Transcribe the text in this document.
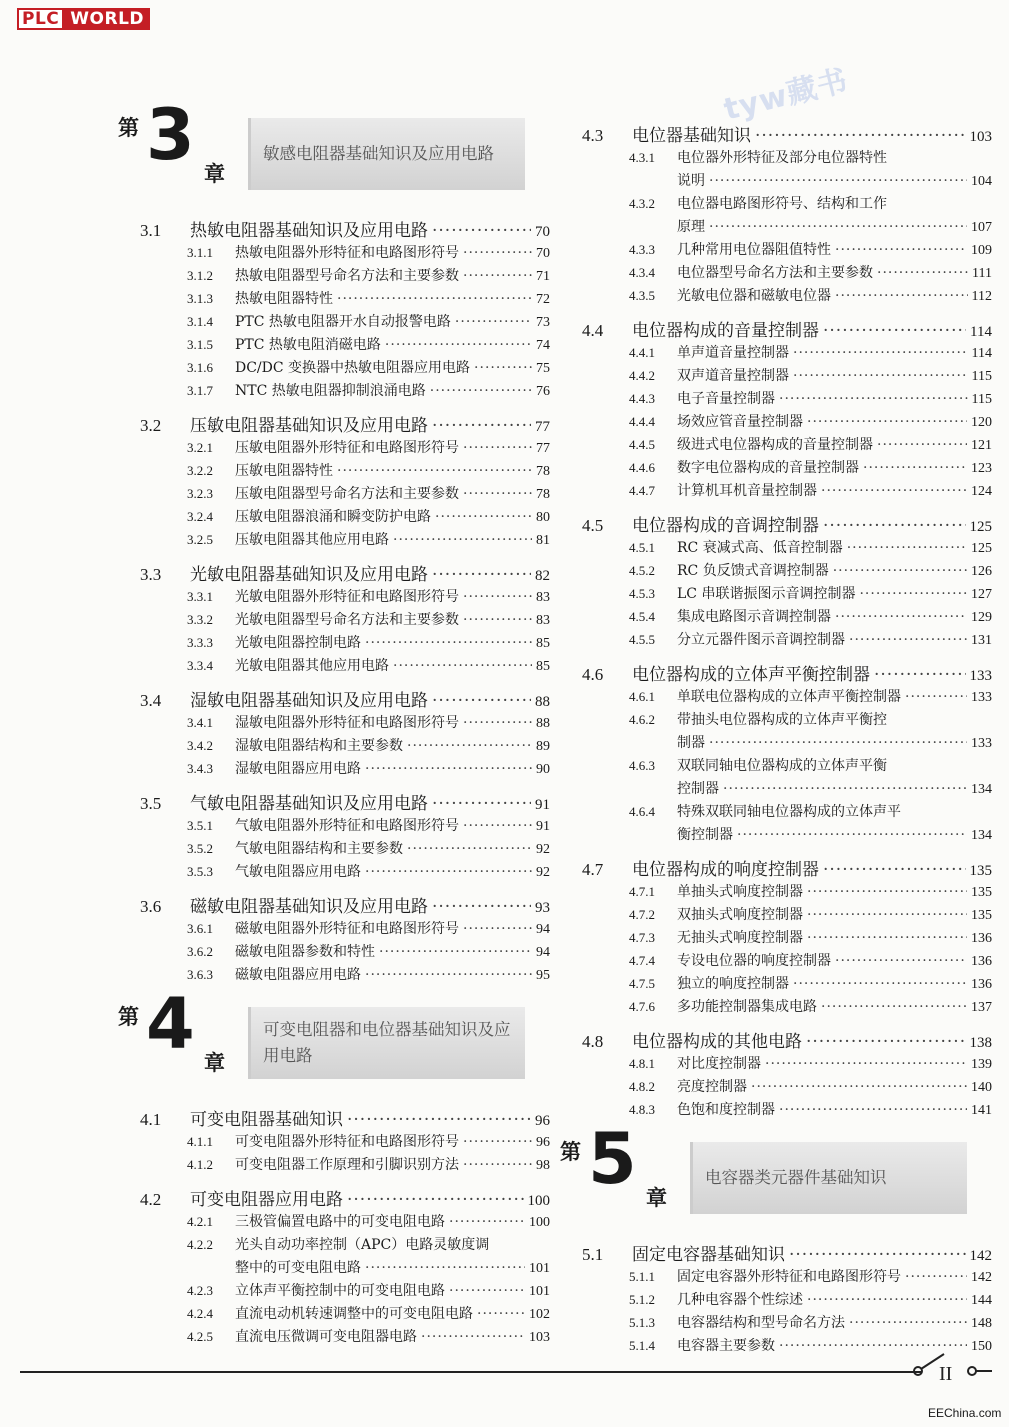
PLC WORLD
tyw藏书
第 3 章
敏感电阻器基础知识及应用电路
3.1	热敏电阻器基础知识及应用电路 ·····	70
3.1.1	热敏电阻器外形特征和电路图形符号 ·····	70
3.1.2	热敏电阻器型号命名方法和主要参数 ·····	71
3.1.3	热敏电阻器特性 ·····	72
3.1.4	PTC 热敏电阻器开水自动报警电路 ·····	73
3.1.5	PTC 热敏电阻消磁电路 ·····	74
3.1.6	DC/DC 变换器中热敏电阻器应用电路 ·····	75
3.1.7	NTC 热敏电阻器抑制浪涌电路 ·····	76
3.2	压敏电阻器基础知识及应用电路 ·····	77
3.2.1	压敏电阻器外形特征和电路图形符号 ·····	77
3.2.2	压敏电阻器特性 ·····	78
3.2.3	压敏电阻器型号命名方法和主要参数 ·····	78
3.2.4	压敏电阻器浪涌和瞬变防护电路 ·····	80
3.2.5	压敏电阻器其他应用电路 ·····	81
3.3	光敏电阻器基础知识及应用电路 ·····	82
3.3.1	光敏电阻器外形特征和电路图形符号 ·····	83
3.3.2	光敏电阻器型号命名方法和主要参数 ·····	83
3.3.3	光敏电阻器控制电路 ·····	85
3.3.4	光敏电阻器其他应用电路 ·····	85
3.4	湿敏电阻器基础知识及应用电路 ·····	88
3.4.1	湿敏电阻器外形特征和电路图形符号 ·····	88
3.4.2	湿敏电阻器结构和主要参数 ·····	89
3.4.3	湿敏电阻器应用电路 ·····	90
3.5	气敏电阻器基础知识及应用电路 ·····	91
3.5.1	气敏电阻器外形特征和电路图形符号 ·····	91
3.5.2	气敏电阻器结构和主要参数 ·····	92
3.5.3	气敏电阻器应用电路 ·····	92
3.6	磁敏电阻器基础知识及应用电路 ·····	93
3.6.1	磁敏电阻器外形特征和电路图形符号 ·····	94
3.6.2	磁敏电阻器参数和特性 ·····	94
3.6.3	磁敏电阻器应用电路 ·····	95
第 4 章
可变电阻器和电位器基础知识及应用电路
4.1	可变电阻器基础知识 ·····	96
4.1.1	可变电阻器外形特征和电路图形符号 ·····	96
4.1.2	可变电阻器工作原理和引脚识别方法 ·····	98
4.2	可变电阻器应用电路 ·····	100
4.2.1	三极管偏置电路中的可变电阻电路 ·····	100
4.2.2	光头自动功率控制（APC）电路灵敏度调
整中的可变电阻电路 ·····	101
4.2.3	立体声平衡控制中的可变电阻电路 ·····	101
4.2.4	直流电动机转速调整中的可变电阻电路 ·····	102
4.2.5	直流电压微调可变电阻器电路 ·····	103
4.3	电位器基础知识 ·····	103
4.3.1	电位器外形特征及部分电位器特性
说明 ·····	104
4.3.2	电位器电路图形符号、结构和工作
原理 ·····	107
4.3.3	几种常用电位器阻值特性 ·····	109
4.3.4	电位器型号命名方法和主要参数 ·····	111
4.3.5	光敏电位器和磁敏电位器 ·····	112
4.4	电位器构成的音量控制器 ·····	114
4.4.1	单声道音量控制器 ·····	114
4.4.2	双声道音量控制器 ·····	115
4.4.3	电子音量控制器 ·····	115
4.4.4	场效应管音量控制器 ·····	120
4.4.5	级进式电位器构成的音量控制器 ·····	121
4.4.6	数字电位器构成的音量控制器 ·····	123
4.4.7	计算机耳机音量控制器 ·····	124
4.5	电位器构成的音调控制器 ·····	125
4.5.1	RC 衰减式高、低音控制器 ·····	125
4.5.2	RC 负反馈式音调控制器 ·····	126
4.5.3	LC 串联谐振图示音调控制器 ·····	127
4.5.4	集成电路图示音调控制器 ·····	129
4.5.5	分立元器件图示音调控制器 ·····	131
4.6	电位器构成的立体声平衡控制器 ·····	133
4.6.1	单联电位器构成的立体声平衡控制器 ·····	133
4.6.2	带抽头电位器构成的立体声平衡控
制器 ·····	133
4.6.3	双联同轴电位器构成的立体声平衡
控制器 ·····	134
4.6.4	特殊双联同轴电位器构成的立体声平
衡控制器 ·····	134
4.7	电位器构成的响度控制器 ·····	135
4.7.1	单抽头式响度控制器 ·····	135
4.7.2	双抽头式响度控制器 ·····	135
4.7.3	无抽头式响度控制器 ·····	136
4.7.4	专设电位器的响度控制器 ·····	136
4.7.5	独立的响度控制器 ·····	136
4.7.6	多功能控制器集成电路 ·····	137
4.8	电位器构成的其他电路 ·····	138
4.8.1	对比度控制器 ·····	139
4.8.2	亮度控制器 ·····	140
4.8.3	色饱和度控制器 ·····	141
第 5 章
电容器类元器件基础知识
5.1	固定电容器基础知识 ·····	142
5.1.1	固定电容器外形特征和电路图形符号 ·····	142
5.1.2	几种电容器个性综述 ·····	144
5.1.3	电容器结构和型号命名方法 ·····	148
5.1.4	电容器主要参数 ·····	150
II
EEChina.com
